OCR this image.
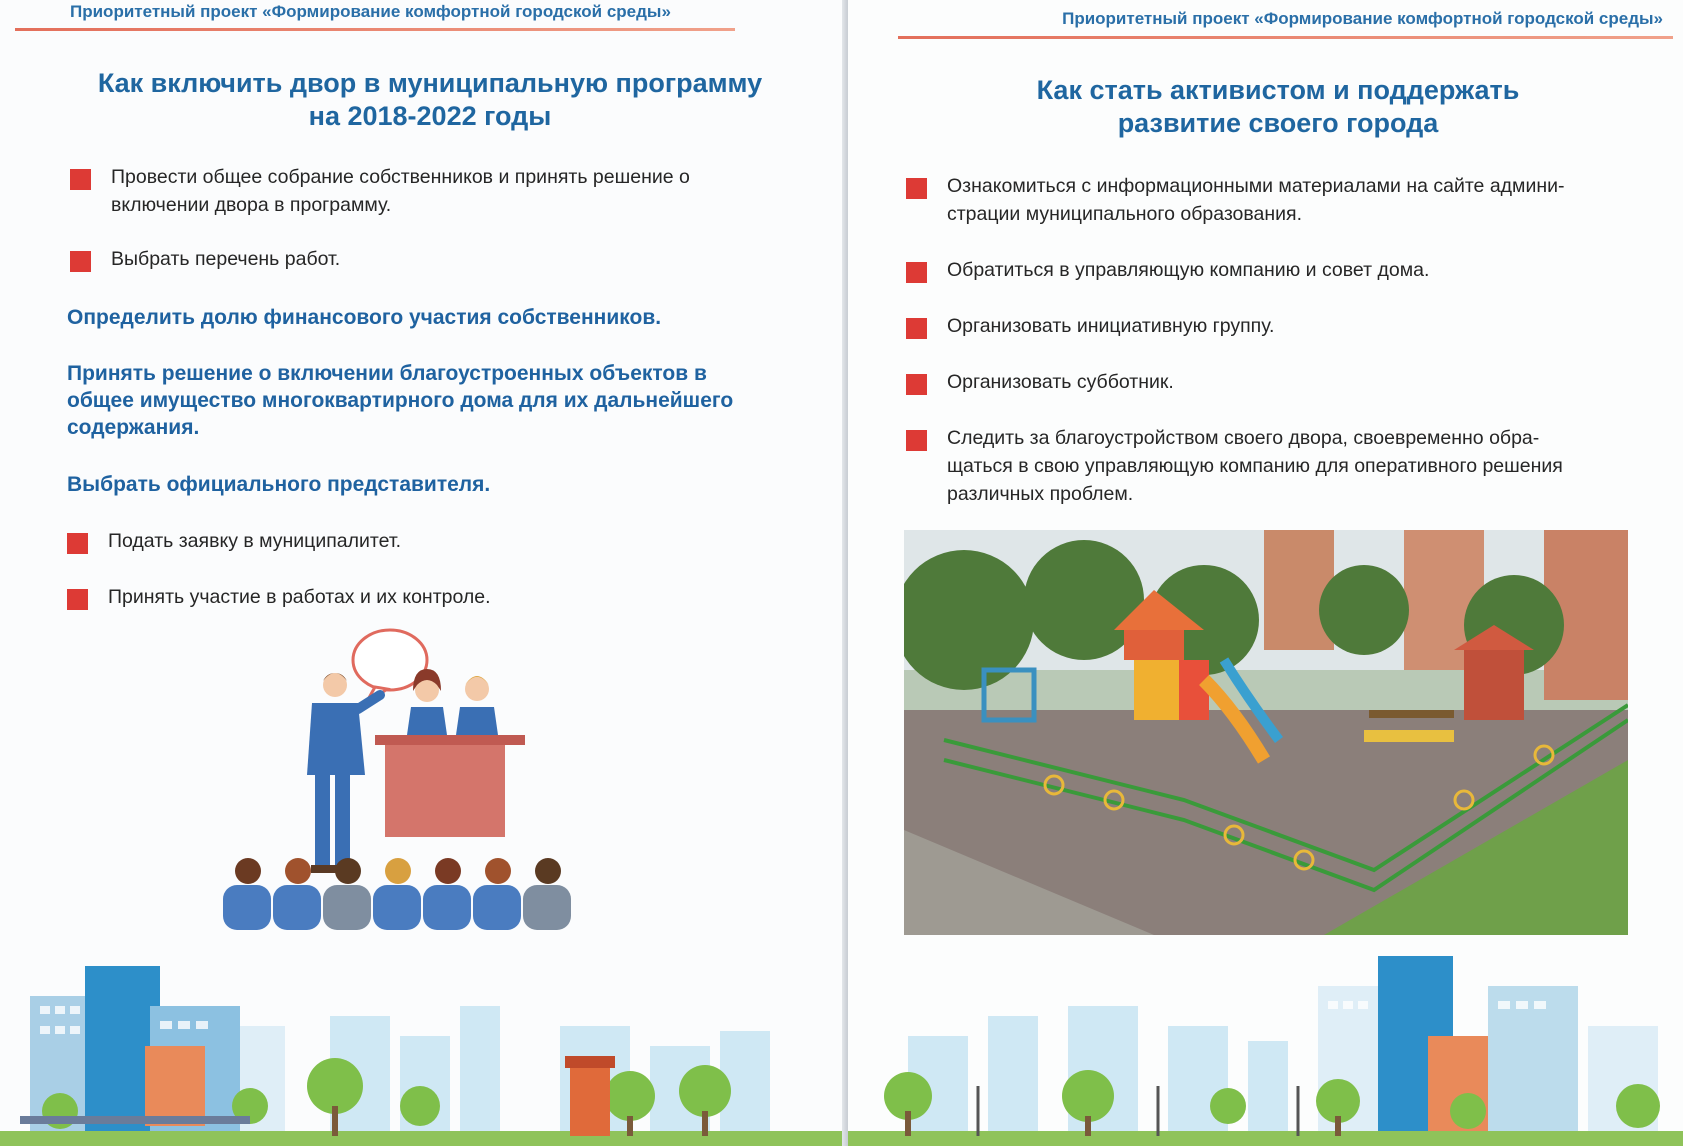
Приоритетный проект «Формирование комфортной городской среды»
Как включить двор в муниципальную программу
на 2018-2022 годы
Провести общее собрание собственников и принять решение о
включении двора в программу.
Выбрать перечень работ.
Определить долю финансового участия собственников.
Принять решение о включении благоустроенных объектов в
общее имущество многоквартирного дома для их дальнейшего
содержания.
Выбрать официального представителя.
Подать заявку в муниципалитет.
Принять участие в работах и их контроле.
Приоритетный проект «Формирование комфортной городской среды»
Как стать активистом и поддержать
развитие своего города
Ознакомиться с информационными материалами на сайте админи-
страции муниципального образования.
Обратиться в управляющую компанию и совет дома.
Организовать инициативную группу.
Организовать субботник.
Следить за благоустройством своего двора, своевременно обра-
щаться в свою управляющую компанию для оперативного решения
различных проблем.
